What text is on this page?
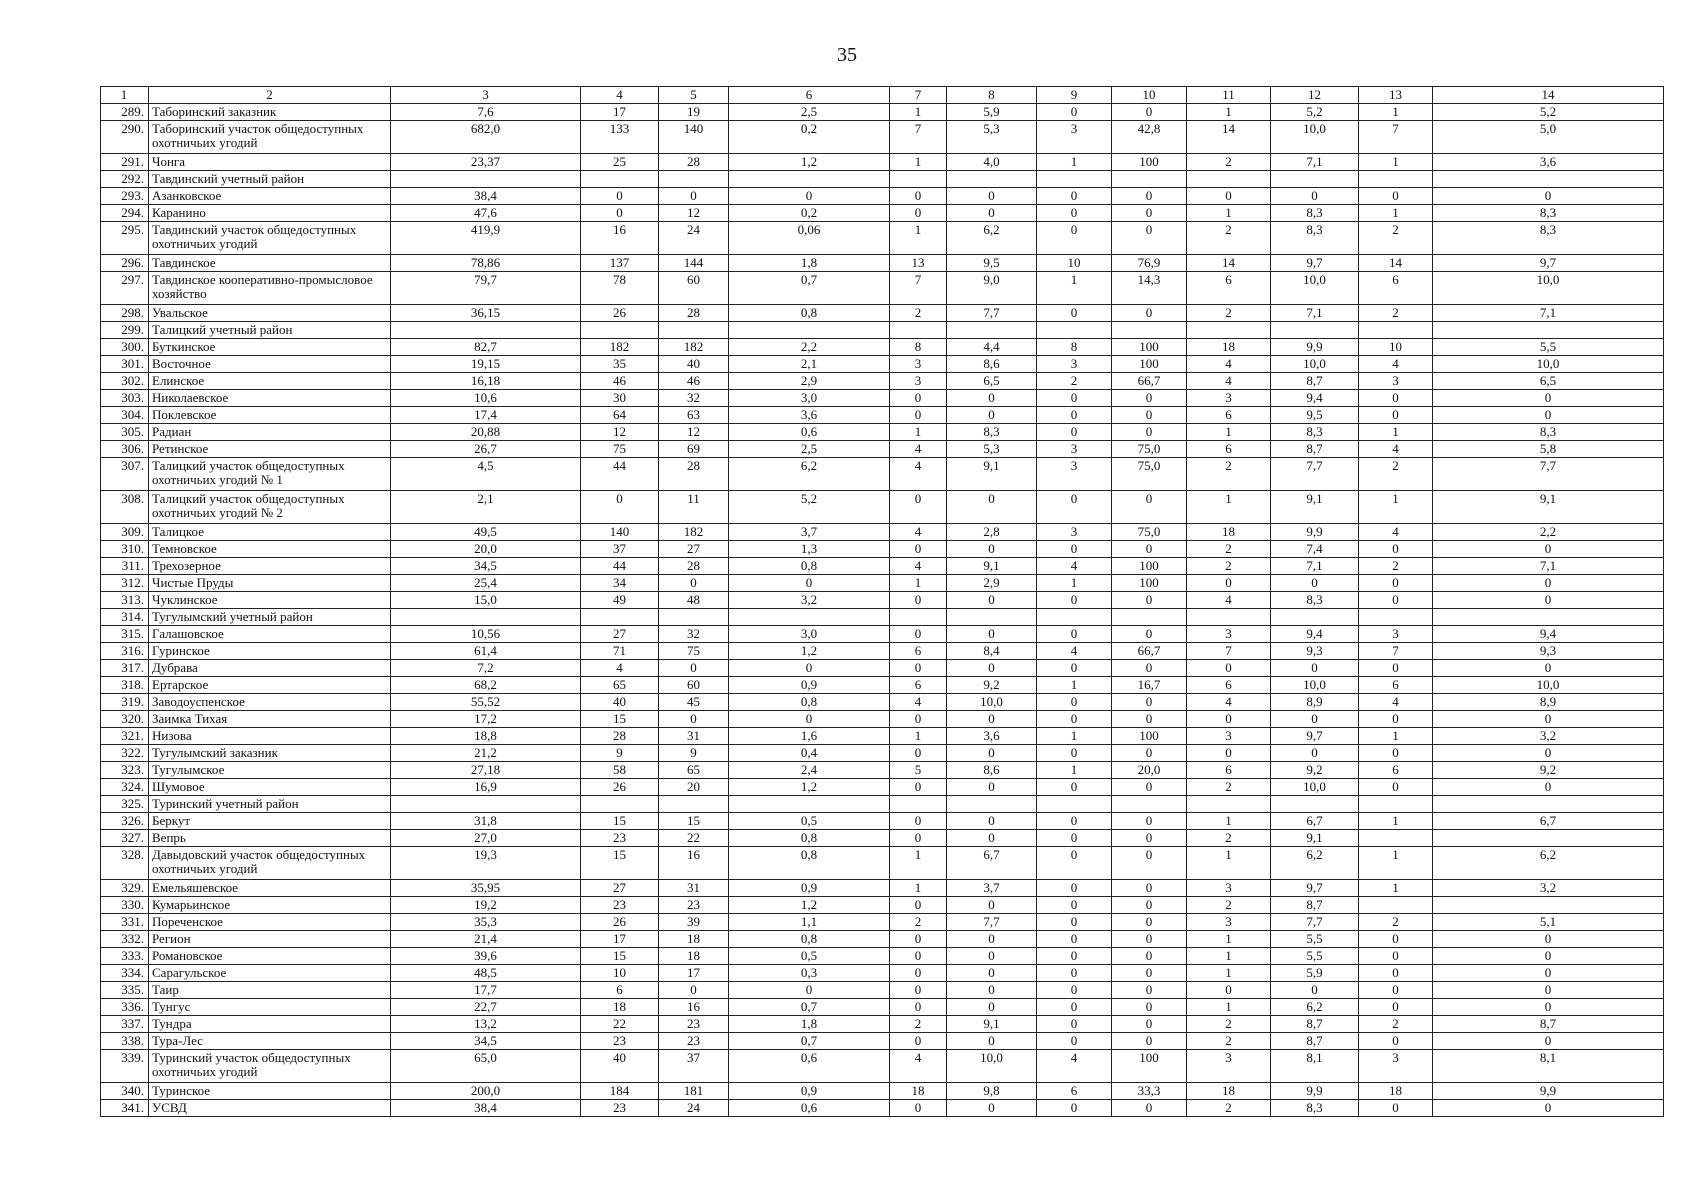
35
1	2	3	4	5	6	7	8	9	10	11	12	13	14
289.	Таборинский заказник	7,6	17	19	2,5	1	5,9	0	0	1	5,2	1	5,2
290.	Таборинский участок общедоступных охотничьих угодий	682,0	133	140	0,2	7	5,3	3	42,8	14	10,0	7	5,0
291.	Чонга	23,37	25	28	1,2	1	4,0	1	100	2	7,1	1	3,6
292.	Тавдинский учетный район												
293.	Азанковское	38,4	0	0	0	0	0	0	0	0	0	0	0
294.	Каранино	47,6	0	12	0,2	0	0	0	0	1	8,3	1	8,3
295.	Тавдинский участок общедоступных охотничьих угодий	419,9	16	24	0,06	1	6,2	0	0	2	8,3	2	8,3
296.	Тавдинское	78,86	137	144	1,8	13	9,5	10	76,9	14	9,7	14	9,7
297.	Тавдинское кооперативно-промысловое хозяйство	79,7	78	60	0,7	7	9,0	1	14,3	6	10,0	6	10,0
298.	Увальское	36,15	26	28	0,8	2	7,7	0	0	2	7,1	2	7,1
299.	Талицкий учетный район												
300.	Буткинское	82,7	182	182	2,2	8	4,4	8	100	18	9,9	10	5,5
301.	Восточное	19,15	35	40	2,1	3	8,6	3	100	4	10,0	4	10,0
302.	Елинское	16,18	46	46	2,9	3	6,5	2	66,7	4	8,7	3	6,5
303.	Николаевское	10,6	30	32	3,0	0	0	0	0	3	9,4	0	0
304.	Поклевское	17,4	64	63	3,6	0	0	0	0	6	9,5	0	0
305.	Радиан	20,88	12	12	0,6	1	8,3	0	0	1	8,3	1	8,3
306.	Ретинское	26,7	75	69	2,5	4	5,3	3	75,0	6	8,7	4	5,8
307.	Талицкий участок общедоступных охотничьих угодий № 1	4,5	44	28	6,2	4	9,1	3	75,0	2	7,7	2	7,7
308.	Талицкий участок общедоступных охотничьих угодий № 2	2,1	0	11	5,2	0	0	0	0	1	9,1	1	9,1
309.	Талицкое	49,5	140	182	3,7	4	2,8	3	75,0	18	9,9	4	2,2
310.	Темновское	20,0	37	27	1,3	0	0	0	0	2	7,4	0	0
311.	Трехозерное	34,5	44	28	0,8	4	9,1	4	100	2	7,1	2	7,1
312.	Чистые Пруды	25,4	34	0	0	1	2,9	1	100	0	0	0	0
313.	Чуклинское	15,0	49	48	3,2	0	0	0	0	4	8,3	0	0
314.	Тугулымский учетный район												
315.	Галашовское	10,56	27	32	3,0	0	0	0	0	3	9,4	3	9,4
316.	Гуринское	61,4	71	75	1,2	6	8,4	4	66,7	7	9,3	7	9,3
317.	Дубрава	7,2	4	0	0	0	0	0	0	0	0	0	0
318.	Ертарское	68,2	65	60	0,9	6	9,2	1	16,7	6	10,0	6	10,0
319.	Заводоуспенское	55,52	40	45	0,8	4	10,0	0	0	4	8,9	4	8,9
320.	Заимка Тихая	17,2	15	0	0	0	0	0	0	0	0	0	0
321.	Низова	18,8	28	31	1,6	1	3,6	1	100	3	9,7	1	3,2
322.	Тугулымский заказник	21,2	9	9	0,4	0	0	0	0	0	0	0	0
323.	Тугулымское	27,18	58	65	2,4	5	8,6	1	20,0	6	9,2	6	9,2
324.	Шумовое	16,9	26	20	1,2	0	0	0	0	2	10,0	0	0
325.	Туринский учетный район												
326.	Беркут	31,8	15	15	0,5	0	0	0	0	1	6,7	1	6,7
327.	Вепрь	27,0	23	22	0,8	0	0	0	0	2	9,1		
328.	Давыдовский участок общедоступных охотничьих угодий	19,3	15	16	0,8	1	6,7	0	0	1	6,2	1	6,2
329.	Емельяшевское	35,95	27	31	0,9	1	3,7	0	0	3	9,7	1	3,2
330.	Кумарьинское	19,2	23	23	1,2	0	0	0	0	2	8,7		
331.	Пореченское	35,3	26	39	1,1	2	7,7	0	0	3	7,7	2	5,1
332.	Регион	21,4	17	18	0,8	0	0	0	0	1	5,5	0	0
333.	Романовское	39,6	15	18	0,5	0	0	0	0	1	5,5	0	0
334.	Сарагульское	48,5	10	17	0,3	0	0	0	0	1	5,9	0	0
335.	Таир	17,7	6	0	0	0	0	0	0	0	0	0	0
336.	Тунгус	22,7	18	16	0,7	0	0	0	0	1	6,2	0	0
337.	Тундра	13,2	22	23	1,8	2	9,1	0	0	2	8,7	2	8,7
338.	Тура-Лес	34,5	23	23	0,7	0	0	0	0	2	8,7	0	0
339.	Туринский участок общедоступных охотничьих угодий	65,0	40	37	0,6	4	10,0	4	100	3	8,1	3	8,1
340.	Туринское	200,0	184	181	0,9	18	9,8	6	33,3	18	9,9	18	9,9
341.	УСВД	38,4	23	24	0,6	0	0	0	0	2	8,3	0	0
